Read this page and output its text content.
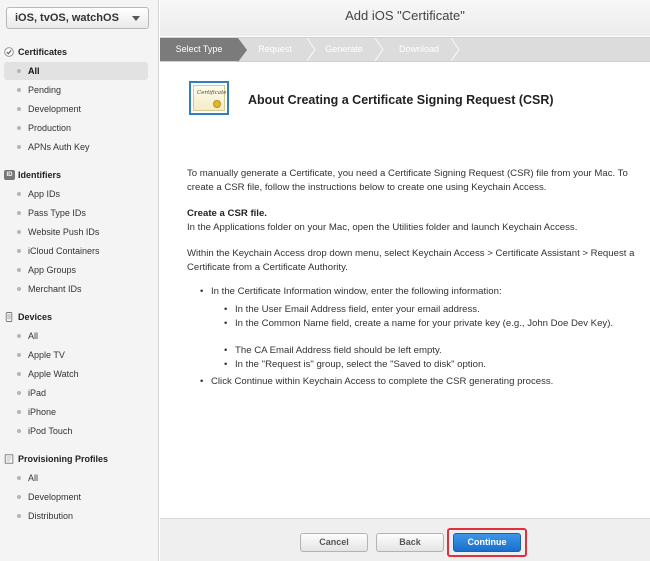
iOS, tvOS, watchOS
Certificates
All
Pending
Development
Production
APNs Auth Key
ID Identifiers
App IDs
Pass Type IDs
Website Push IDs
iCloud Containers
App Groups
Merchant IDs
Devices
All
Apple TV
Apple Watch
iPad
iPhone
iPod Touch
Provisioning Profiles
All
Development
Distribution
Add iOS "Certificate"
Select Type	Request	Generate	Download
Certificate About Creating a Certificate Signing Request (CSR)
To manually generate a Certificate, you need a Certificate Signing Request (CSR) file from your Mac. To create a CSR file, follow the instructions below to create one using Keychain Access.
Create a CSR file.
In the Applications folder on your Mac, open the Utilities folder and launch Keychain Access.
Within the Keychain Access drop down menu, select Keychain Access > Certificate Assistant > Request a Certificate from a Certificate Authority.
• In the Certificate Information window, enter the following information:
• In the User Email Address field, enter your email address.
• In the Common Name field, create a name for your private key (e.g., John Doe Dev Key).
• The CA Email Address field should be left empty.
• In the "Request is" group, select the "Saved to disk" option.
• Click Continue within Keychain Access to complete the CSR generating process.
Cancel	Back	Continue
